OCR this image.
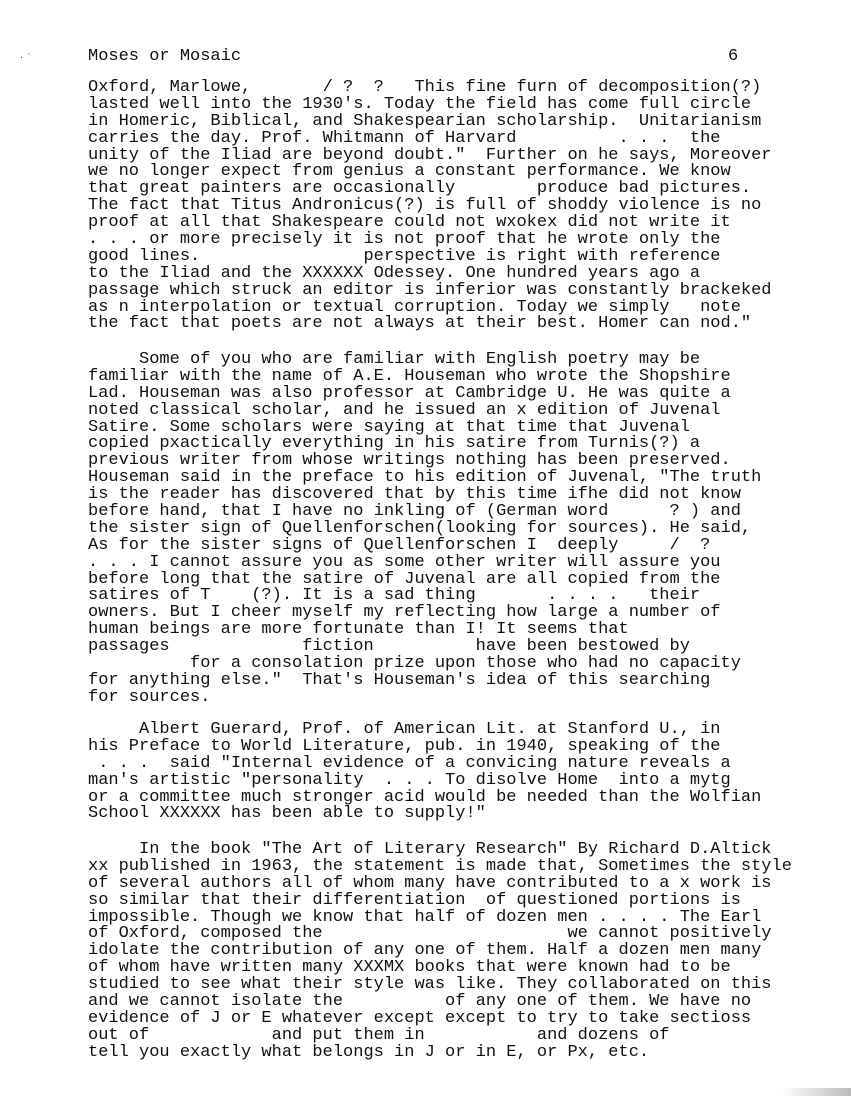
· ˙	Moses or Mosaic	6
Oxford, Marlowe,       / ?  ?   This fine furn of decomposition(?)
lasted well into the 1930's. Today the field has come full circle
in Homeric, Biblical, and Shakespearian scholarship.  Unitarianism
carries the day. Prof. Whitmann of Harvard          . . .  the
unity of the Iliad are beyond doubt."  Further on he says, Moreover
we no longer expect from genius a constant performance. We know
that great painters are occasionally        produce bad pictures.
The fact that Titus Andronicus(?) is full of shoddy violence is no
proof at all that Shakespeare could not wxokex did not write it
. . . or more precisely it is not proof that he wrote only the
good lines.                perspective is right with reference
to the Iliad and the XXXXXX Odessey. One hundred years ago a
passage which struck an editor is inferior was constantly brackeked
as n interpolation or textual corruption. Today we simply   note
the fact that poets are not always at their best. Homer can nod."
Some of you who are familiar with English poetry may be
familiar with the name of A.E. Houseman who wrote the Shopshire
Lad. Houseman was also professor at Cambridge U. He was quite a
noted classical scholar, and he issued an x edition of Juvenal
Satire. Some scholars were saying at that time that Juvenal
copied pxactically everything in his satire from Turnis(?) a
previous writer from whose writings nothing has been preserved.
Houseman said in the preface to his edition of Juvenal, "The truth
is the reader has discovered that by this time ifhe did not know
before hand, that I have no inkling of (German word      ? ) and
the sister sign of Quellenforschen(looking for sources). He said,
As for the sister signs of Quellenforschen I  deeply     /  ?
. . . I cannot assure you as some other writer will assure you
before long that the satire of Juvenal are all copied from the
satires of T    (?). It is a sad thing       . . . .   their
owners. But I cheer myself my reflecting how large a number of
human beings are more fortunate than I! It seems that
passages             fiction          have been bestowed by
for a consolation prize upon those who had no capacity
for anything else."  That's Houseman's idea of this searching
for sources.
Albert Guerard, Prof. of American Lit. at Stanford U., in
his Preface to World Literature, pub. in 1940, speaking of the
. . .  said "Internal evidence of a convicing nature reveals a
man's artistic "personality  . . . To disolve Home  into a mytg
or a committee much stronger acid would be needed than the Wolfian
School XXXXXX has been able to supply!"
In the book "The Art of Literary Research" By Richard D.Altick
xx published in 1963, the statement is made that, Sometimes the style
of several authors all of whom many have contributed to a x work is
so similar that their differentiation  of questioned portions is
impossible. Though we know that half of dozen men . . . . The Earl
of Oxford, composed the                        we cannot positively
idolate the contribution of any one of them. Half a dozen men many
of whom have written many XXXMX books that were known had to be
studied to see what their style was like. They collaborated on this
and we cannot isolate the          of any one of them. We have no
evidence of J or E whatever except except to try to take sectioss
out of            and put them in           and dozens of
tell you exactly what belongs in J or in E, or Px, etc.
